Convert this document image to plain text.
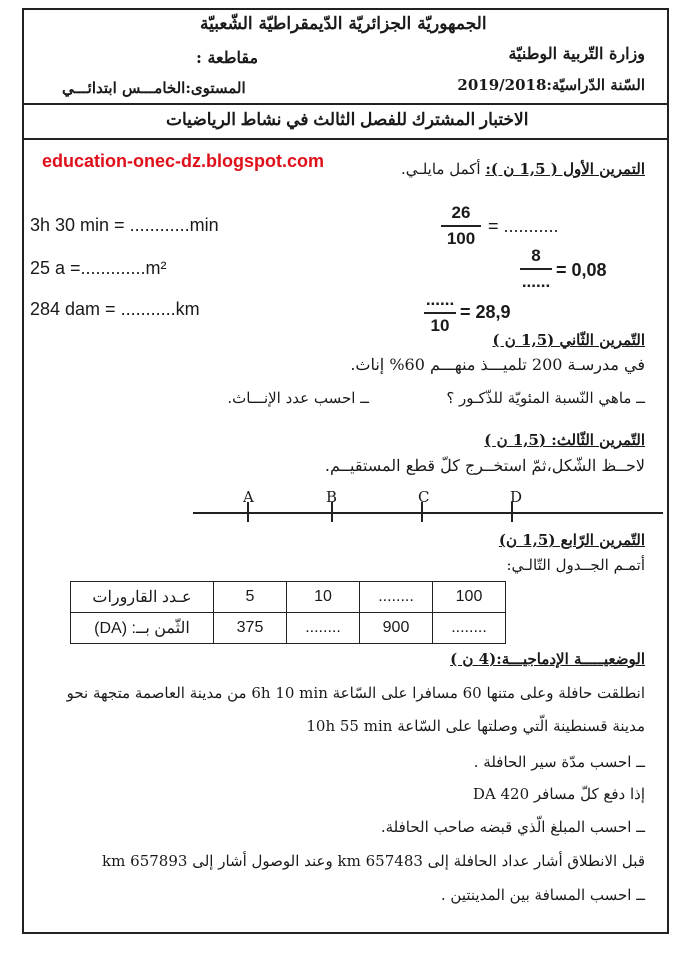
الجمهوريّة الجزائريّة الدّيمقراطيّة الشّعبيّة
وزارة التّربية الوطنيّة
مقاطعة :
السّنة الدّراسيّة:2019/2018
المستوى:الخامـــس ابتدائـــي
الاختبار المشترك للفصل الثالث في نشاط الرياضيات
education-onec-dz.blogspot.com	التمرين الأول ( 1,5 ن ): أكمل مايلـي.
3h 30 min = ............min
25 a =.............m²
284 dam = ...........km
26
100
= ...........
8
......
= 0,08
......
10
= 28,9
التّمرين الثّاني (1,5 ن )
في مدرسـة 200 تلميـــذ منهـــم 60% إناث.
ــ ماهي النّسبة المئويّة للذّكـور ؟
ــ احسب عدد الإنـــاث.
التّمرين الثّالث: (1,5 ن )
لاحــظ الشّكل،ثمّ استخــرج كلّ قطع المستقيــم.
A	B	C	D
التّمرين الرّابع (1,5 ن)
أتمـم الجــدول التّالـي:
عـدد القارورات	5	10	........	100
الثّمن بــ: (DA)	375	........	900	........
الوضعيـــــة الإدماجيـــة:(4 ن )
انطلقت حافلة وعلى متنها 60 مسافرا على السّاعة 6h 10 min من مدينة العاصمة متجهة نحو
مدينة قسنطينة الّتي وصلتها على السّاعة 10h 55 min
ــ احسب مدّة سير الحافلة .
إذا دفع كلّ مسافر 420 DA
ــ احسب المبلغ الّذي قبضه صاحب الحافلة.
قبل الانطلاق أشار عداد الحافلة إلى 657483 km وعند الوصول أشار إلى 657893 km
ــ احسب المسافة بين المدينتين .
